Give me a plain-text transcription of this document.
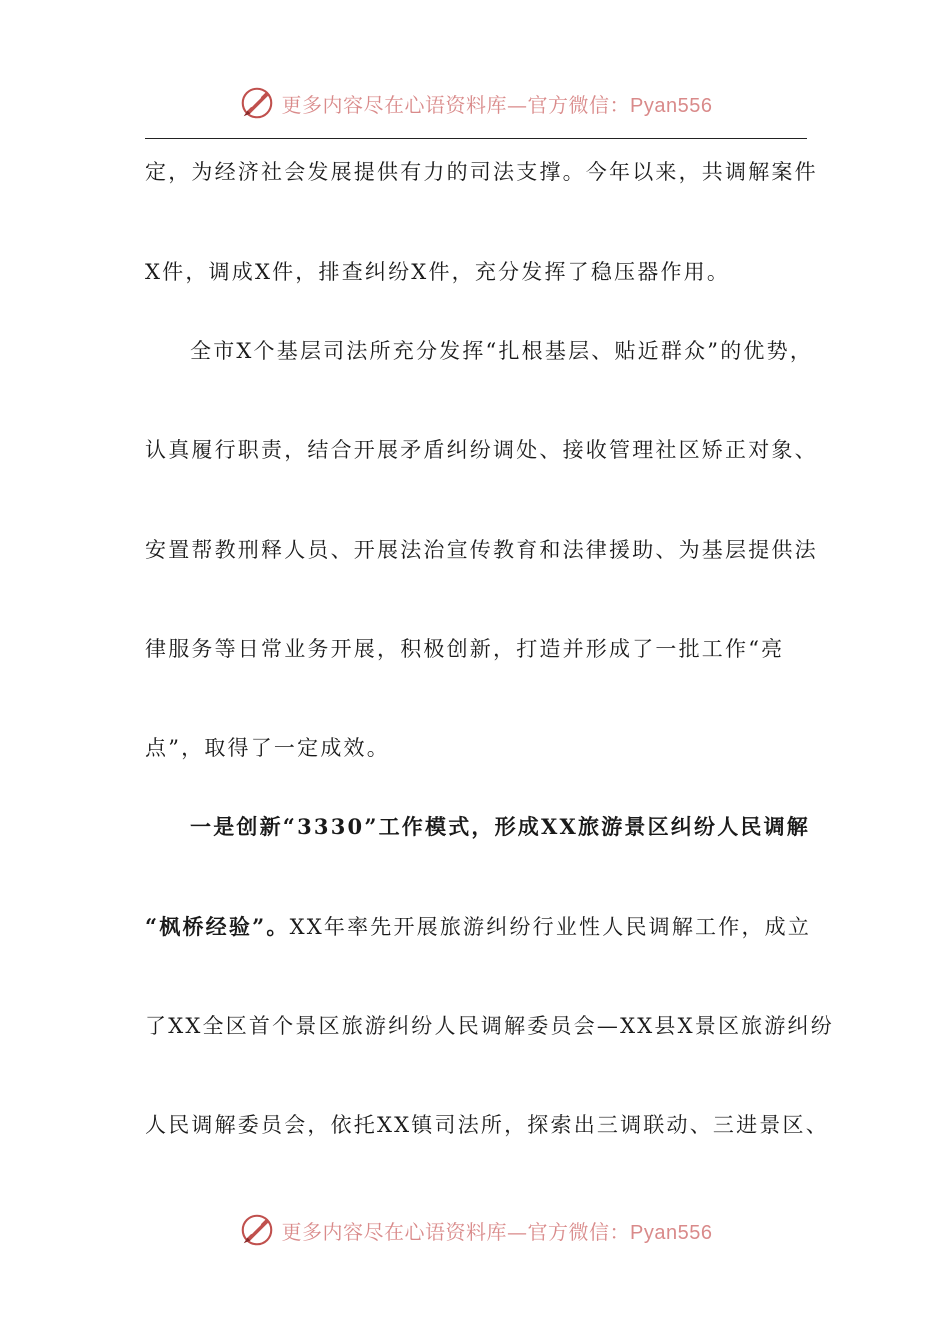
更多内容尽在心语资料库—官方微信：Pyan556
定，为经济社会发展提供有力的司法支撑。今年以来，共调解案件
X件，调成X件，排查纠纷X件，充分发挥了稳压器作用。
全市X个基层司法所充分发挥“扎根基层、贴近群众”的优势，
认真履行职责，结合开展矛盾纠纷调处、接收管理社区矫正对象、
安置帮教刑释人员、开展法治宣传教育和法律援助、为基层提供法
律服务等日常业务开展，积极创新，打造并形成了一批工作“亮
点”，取得了一定成效。
一是创新“3330”工作模式，形成XX旅游景区纠纷人民调解
“枫桥经验”。XX年率先开展旅游纠纷行业性人民调解工作，成立
了XX全区首个景区旅游纠纷人民调解委员会—XX县X景区旅游纠纷
人民调解委员会，依托XX镇司法所，探索出三调联动、三进景区、
更多内容尽在心语资料库—官方微信：Pyan556
